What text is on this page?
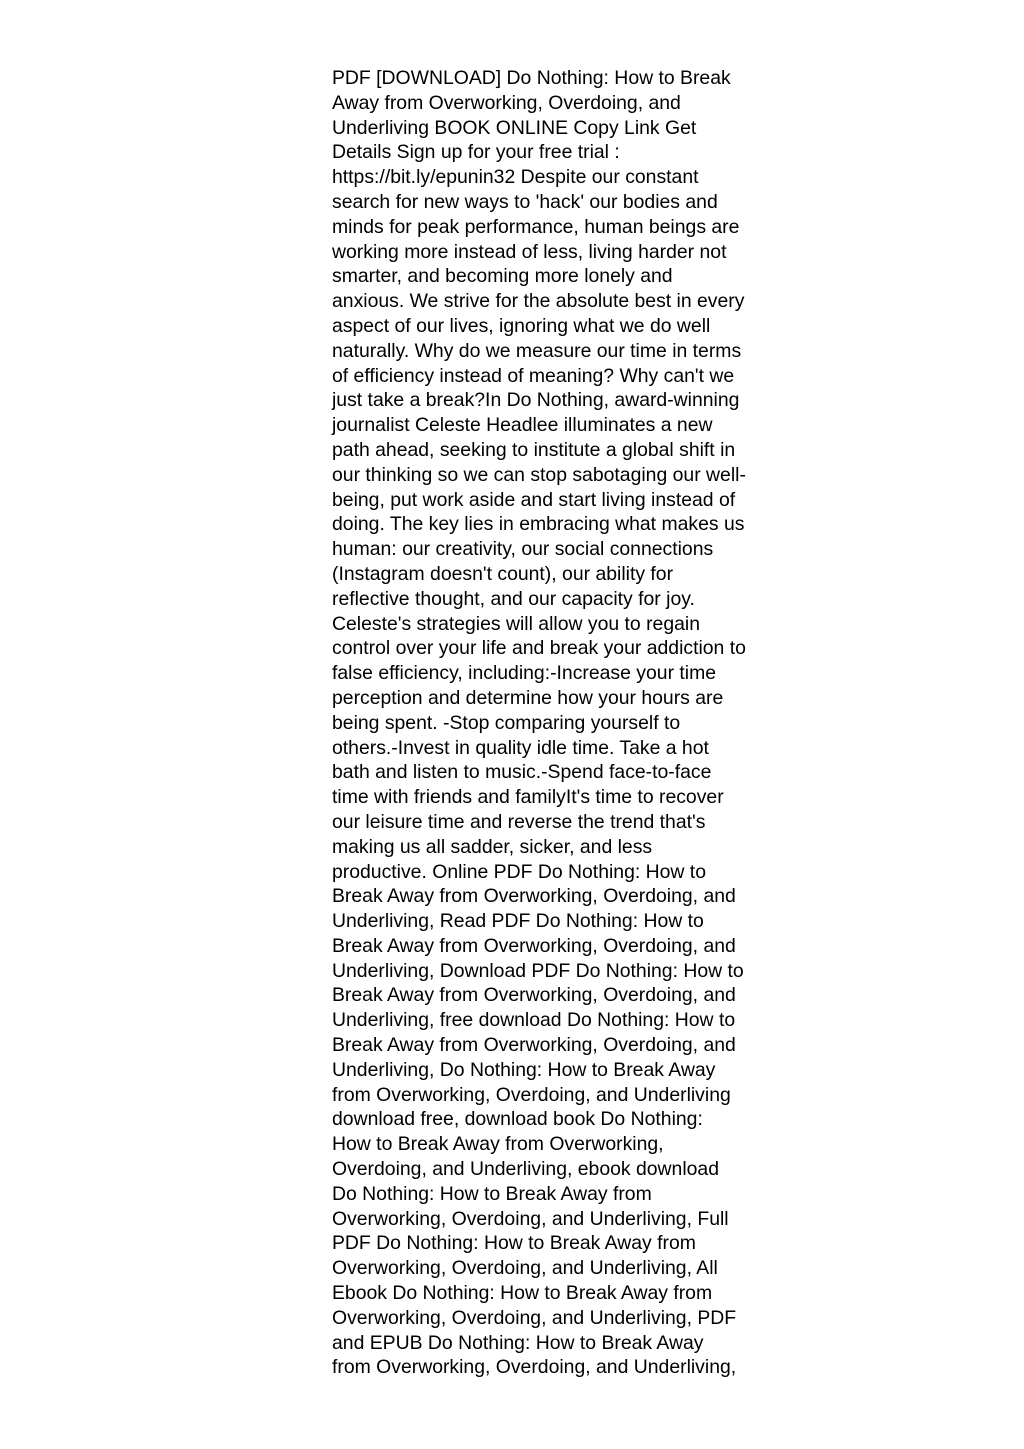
PDF [DOWNLOAD] Do Nothing: How to Break
Away from Overworking, Overdoing, and
Underliving BOOK ONLINE Copy Link Get
Details Sign up for your free trial :
https://bit.ly/epunin32 Despite our constant
search for new ways to 'hack' our bodies and
minds for peak performance, human beings are
working more instead of less, living harder not
smarter, and becoming more lonely and
anxious. We strive for the absolute best in every
aspect of our lives, ignoring what we do well
naturally. Why do we measure our time in terms
of efficiency instead of meaning? Why can't we
just take a break?In Do Nothing, award-winning
journalist Celeste Headlee illuminates a new
path ahead, seeking to institute a global shift in
our thinking so we can stop sabotaging our well-
being, put work aside and start living instead of
doing. The key lies in embracing what makes us
human: our creativity, our social connections
(Instagram doesn't count), our ability for
reflective thought, and our capacity for joy.
Celeste's strategies will allow you to regain
control over your life and break your addiction to
false efficiency, including:-Increase your time
perception and determine how your hours are
being spent. -Stop comparing yourself to
others.-Invest in quality idle time. Take a hot
bath and listen to music.-Spend face-to-face
time with friends and familyIt's time to recover
our leisure time and reverse the trend that's
making us all sadder, sicker, and less
productive. Online PDF Do Nothing: How to
Break Away from Overworking, Overdoing, and
Underliving, Read PDF Do Nothing: How to
Break Away from Overworking, Overdoing, and
Underliving, Download PDF Do Nothing: How to
Break Away from Overworking, Overdoing, and
Underliving, free download Do Nothing: How to
Break Away from Overworking, Overdoing, and
Underliving, Do Nothing: How to Break Away
from Overworking, Overdoing, and Underliving
download free, download book Do Nothing:
How to Break Away from Overworking,
Overdoing, and Underliving, ebook download
Do Nothing: How to Break Away from
Overworking, Overdoing, and Underliving, Full
PDF Do Nothing: How to Break Away from
Overworking, Overdoing, and Underliving, All
Ebook Do Nothing: How to Break Away from
Overworking, Overdoing, and Underliving, PDF
and EPUB Do Nothing: How to Break Away
from Overworking, Overdoing, and Underliving,
